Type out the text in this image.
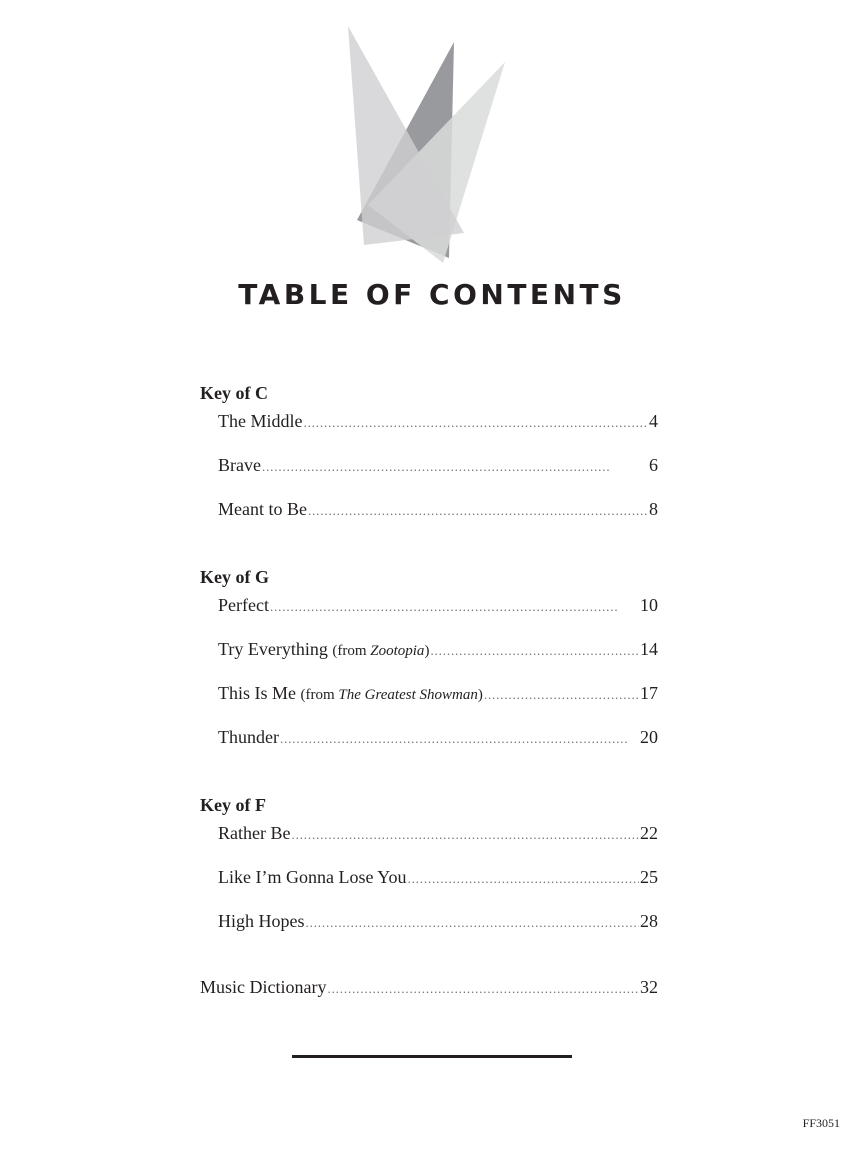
TABLE OF CONTENTS
Key of C
The Middle . . .	4
Brave . . .	6
Meant to Be . . .	8
Key of G
Perfect . . .	10
Try Everything (from Zootopia) . . .	14
This Is Me (from The Greatest Showman) . . .	17
Thunder . . .	20
Key of F
Rather Be . . .	22
Like I’m Gonna Lose You . . .	25
High Hopes . . .	28
Music Dictionary . . .	32
FF3051
